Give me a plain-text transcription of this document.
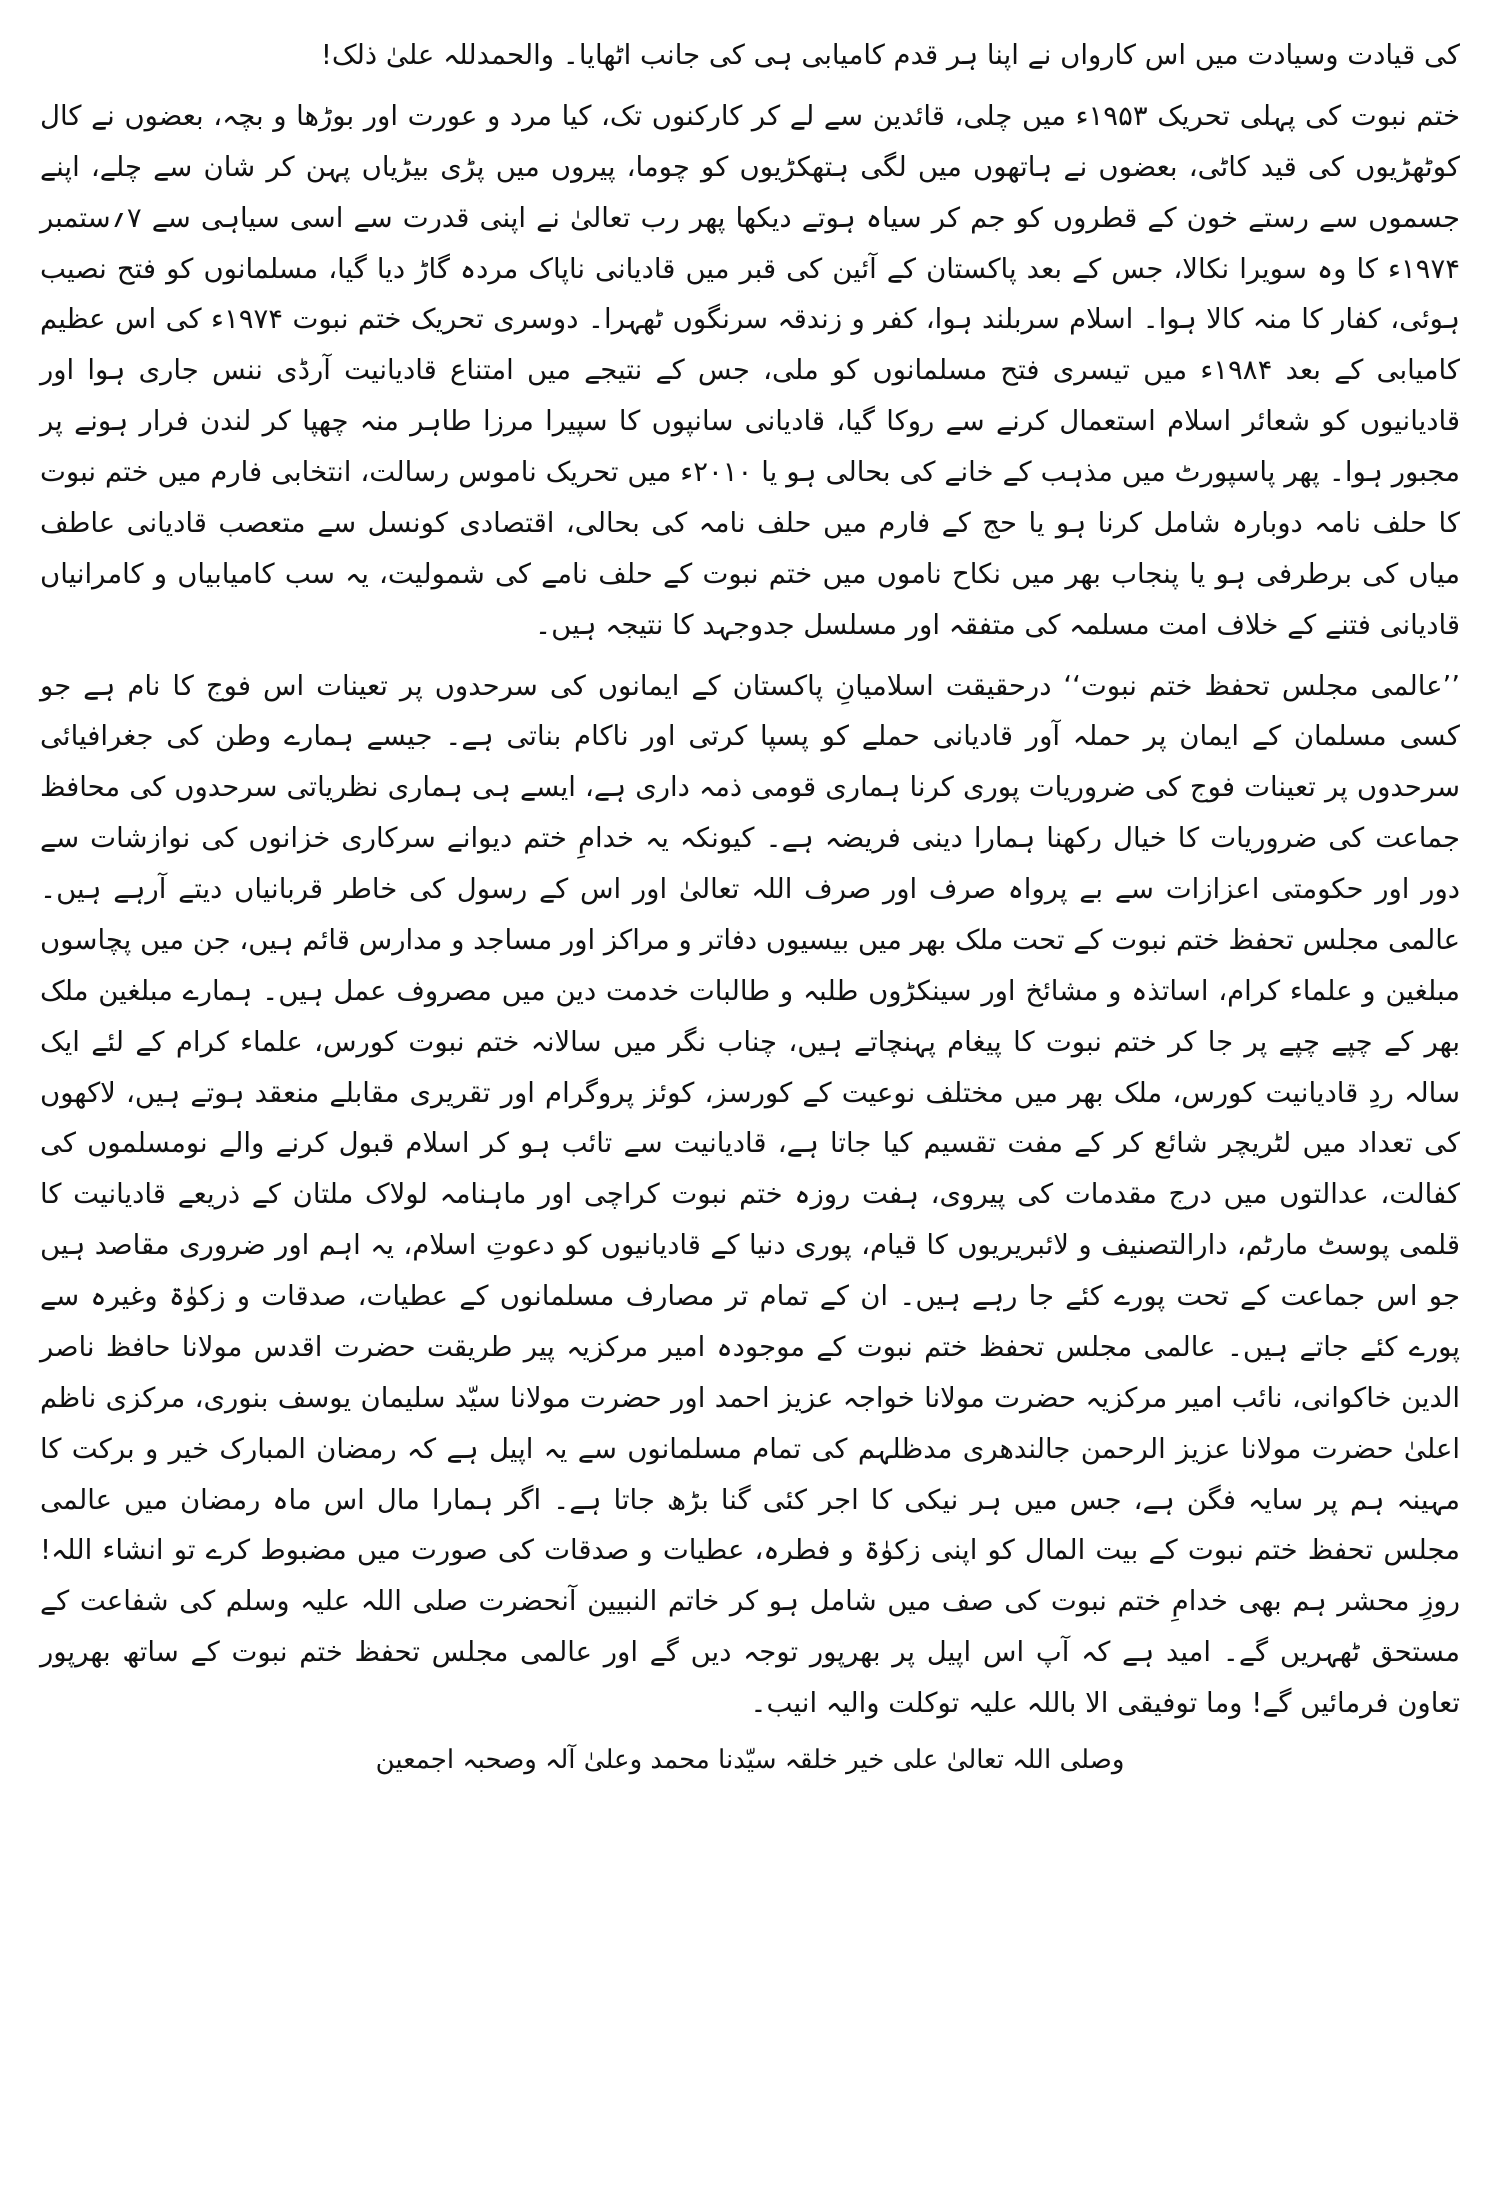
کی قیادت وسیادت میں اس کارواں نے اپنا ہر قدم کامیابی ہی کی جانب اٹھایا۔ والحمدللہ علیٰ ذلک!

ختم نبوت کی پہلی تحریک ۱۹۵۳ء میں چلی، قائدین سے لے کر کارکنوں تک، کیا مرد و عورت اور بوڑھا و بچہ، بعضوں نے کال کوٹھڑیوں کی قید کاٹی، بعضوں نے ہاتھوں میں لگی ہتھکڑیوں کو چوما، پیروں میں پڑی بیڑیاں پہن کر شان سے چلے، اپنے جسموں سے رستے خون کے قطروں کو جم کر سیاہ ہوتے دیکھا پھر رب تعالیٰ نے اپنی قدرت سے اسی سیاہی سے ۷؍ستمبر ۱۹۷۴ء کا وہ سویرا نکالا، جس کے بعد پاکستان کے آئین کی قبر میں قادیانی ناپاک مردہ گاڑ دیا گیا، مسلمانوں کو فتح نصیب ہوئی، کفار کا منہ کالا ہوا۔ اسلام سربلند ہوا، کفر و زندقہ سرنگوں ٹھہرا۔ دوسری تحریک ختم نبوت ۱۹۷۴ء کی اس عظیم کامیابی کے بعد ۱۹۸۴ء میں تیسری فتح مسلمانوں کو ملی، جس کے نتیجے میں امتناع قادیانیت آرڈی ننس جاری ہوا اور قادیانیوں کو شعائر اسلام استعمال کرنے سے روکا گیا، قادیانی سانپوں کا سپیرا مرزا طاہر منہ چھپا کر لندن فرار ہونے پر مجبور ہوا۔ پھر پاسپورٹ میں مذہب کے خانے کی بحالی ہو یا ۲۰۱۰ء میں تحریک ناموس رسالت، انتخابی فارم میں ختم نبوت کا حلف نامہ دوبارہ شامل کرنا ہو یا حج کے فارم میں حلف نامہ کی بحالی، اقتصادی کونسل سے متعصب قادیانی عاطف میاں کی برطرفی ہو یا پنجاب بھر میں نکاح ناموں میں ختم نبوت کے حلف نامے کی شمولیت، یہ سب کامیابیاں و کامرانیاں قادیانی فتنے کے خلاف امت مسلمہ کی متفقہ اور مسلسل جدوجہد کا نتیجہ ہیں۔

’’عالمی مجلس تحفظ ختم نبوت‘‘ درحقیقت اسلامیانِ پاکستان کے ایمانوں کی سرحدوں پر تعینات اس فوج کا نام ہے جو کسی مسلمان کے ایمان پر حملہ آور قادیانی حملے کو پسپا کرتی اور ناکام بناتی ہے۔ جیسے ہمارے وطن کی جغرافیائی سرحدوں پر تعینات فوج کی ضروریات پوری کرنا ہماری قومی ذمہ داری ہے، ایسے ہی ہماری نظریاتی سرحدوں کی محافظ جماعت کی ضروریات کا خیال رکھنا ہمارا دینی فریضہ ہے۔ کیونکہ یہ خدامِ ختم دیوانے سرکاری خزانوں کی نوازشات سے دور اور حکومتی اعزازات سے بے پرواہ صرف اور صرف اللہ تعالیٰ اور اس کے رسول کی خاطر قربانیاں دیتے آرہے ہیں۔ عالمی مجلس تحفظ ختم نبوت کے تحت ملک بھر میں بیسیوں دفاتر و مراکز اور مساجد و مدارس قائم ہیں، جن میں پچاسوں مبلغین و علماء کرام، اساتذہ و مشائخ اور سینکڑوں طلبہ و طالبات خدمت دین میں مصروف عمل ہیں۔ ہمارے مبلغین ملک بھر کے چپے چپے پر جا کر ختم نبوت کا پیغام پہنچاتے ہیں، چناب نگر میں سالانہ ختم نبوت کورس، علماء کرام کے لئے ایک سالہ ردِ قادیانیت کورس، ملک بھر میں مختلف نوعیت کے کورسز، کوئز پروگرام اور تقریری مقابلے منعقد ہوتے ہیں، لاکھوں کی تعداد میں لٹریچر شائع کر کے مفت تقسیم کیا جاتا ہے، قادیانیت سے تائب ہو کر اسلام قبول کرنے والے نومسلموں کی کفالت، عدالتوں میں درج مقدمات کی پیروی، ہفت روزہ ختم نبوت کراچی اور ماہنامہ لولاک ملتان کے ذریعے قادیانیت کا قلمی پوسٹ مارٹم، دارالتصنیف و لائبریریوں کا قیام، پوری دنیا کے قادیانیوں کو دعوتِ اسلام، یہ اہم اور ضروری مقاصد ہیں جو اس جماعت کے تحت پورے کئے جا رہے ہیں۔ ان کے تمام تر مصارف مسلمانوں کے عطیات، صدقات و زکوٰۃ وغیرہ سے پورے کئے جاتے ہیں۔ عالمی مجلس تحفظ ختم نبوت کے موجودہ امیر مرکزیہ پیر طریقت حضرت اقدس مولانا حافظ ناصر الدین خاکوانی، نائب امیر مرکزیہ حضرت مولانا خواجہ عزیز احمد اور حضرت مولانا سیّد سلیمان یوسف بنوری، مرکزی ناظم اعلیٰ حضرت مولانا عزیز الرحمن جالندھری مدظلہم کی تمام مسلمانوں سے یہ اپیل ہے کہ رمضان المبارک خیر و برکت کا مہینہ ہم پر سایہ فگن ہے، جس میں ہر نیکی کا اجر کئی گنا بڑھ جاتا ہے۔ اگر ہمارا مال اس ماہ رمضان میں عالمی مجلس تحفظ ختم نبوت کے بیت المال کو اپنی زکوٰۃ و فطرہ، عطیات و صدقات کی صورت میں مضبوط کرے تو انشاء اللہ! روزِ محشر ہم بھی خدامِ ختم نبوت کی صف میں شامل ہو کر خاتم النبیین آنحضرت صلی اللہ علیہ وسلم کی شفاعت کے مستحق ٹھہریں گے۔ امید ہے کہ آپ اس اپیل پر بھرپور توجہ دیں گے اور عالمی مجلس تحفظ ختم نبوت کے ساتھ بھرپور تعاون فرمائیں گے! وما توفیقی الا باللہ علیہ توکلت والیہ انیب۔

وصلی اللہ تعالیٰ علی خیر خلقہ سیّدنا محمد وعلیٰ آلہ وصحبہ اجمعین
